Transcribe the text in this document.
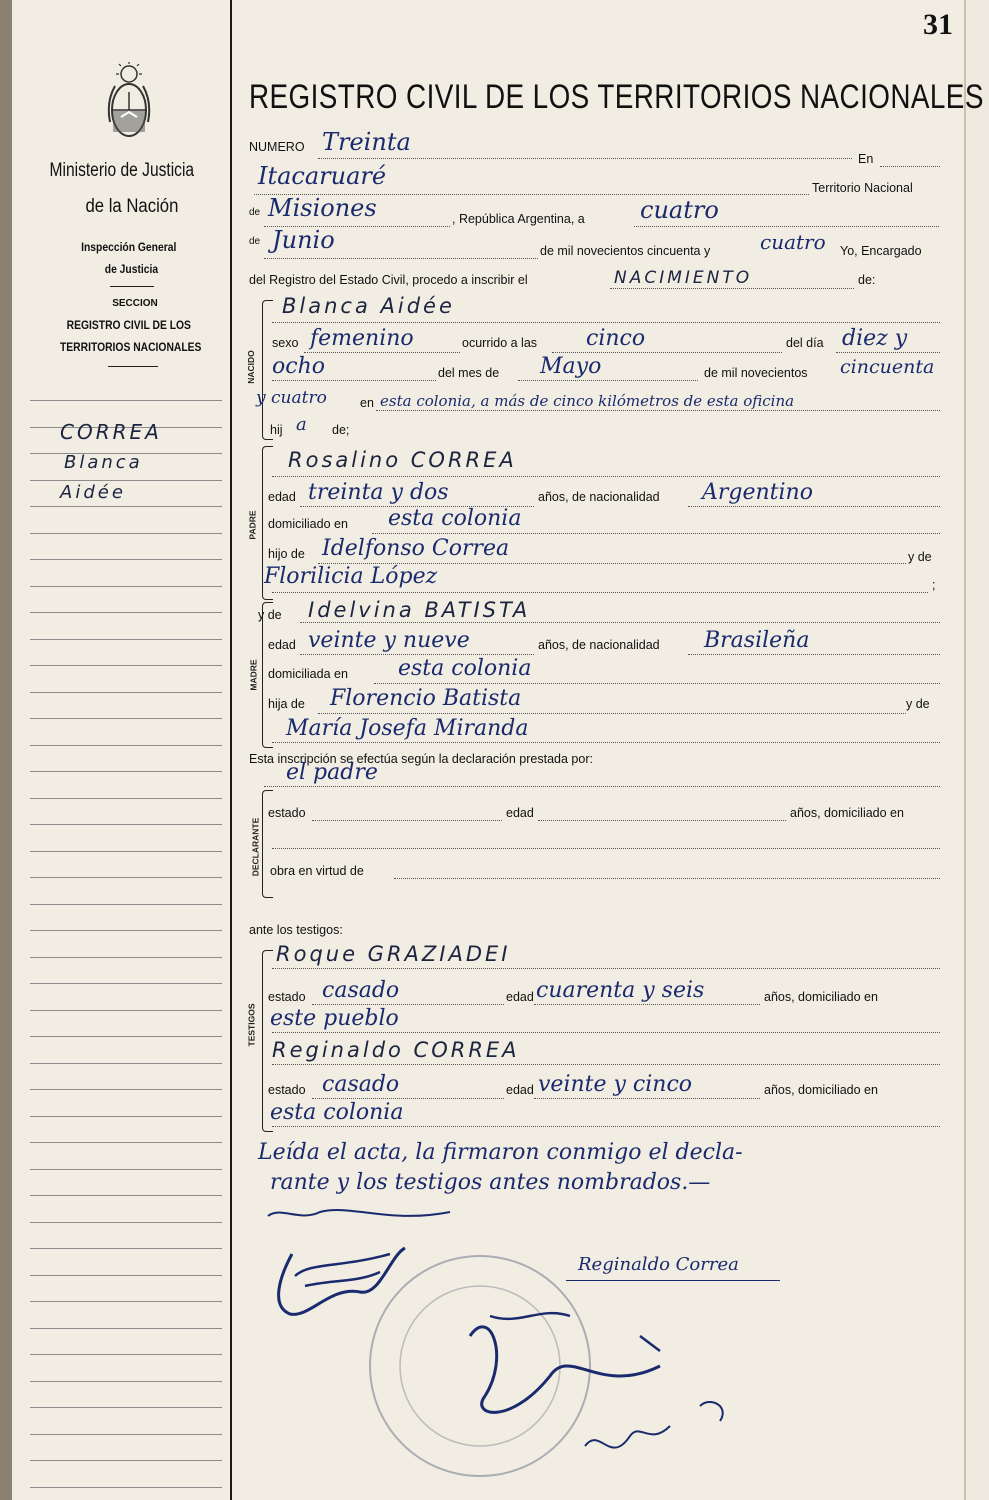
31
Ministerio de Justicia
de la Nación
Inspección General
de Justicia
SECCION
REGISTRO CIVIL DE LOS
TERRITORIOS NACIONALES
CORREA
Blanca
Aidée
REGISTRO CIVIL DE LOS TERRITORIOS NACIONALES
NUMERO Treinta
En
Itacaruaré	Territorio Nacional
de Misiones	, República Argentina, a cuatro
de Junio	de mil novecientos cincuenta y cuatro Yo, Encargado
del Registro del Estado Civil, procedo a inscribir el	NACIMIENTO	de:
NACIDO
Blanca Aidée
sexo femenino	ocurrido a las cinco	del día diez y
ocho	del mes de Mayo	de mil novecientos cincuenta
y cuatro	en esta colonia, a más de cinco kilómetros de esta oficina
hij a de;
PADRE
Rosalino CORREA
edad treinta y dos	años, de nacionalidad Argentino
domiciliado en esta colonia
hijo de Idelfonso Correa	y de
Florilicia López	;
y de
MADRE
Idelvina BATISTA
edad veinte y nueve	años, de nacionalidad Brasileña
domiciliada en esta colonia
hija de Florencio Batista	y de
María Josefa Miranda
Esta inscripción se efectúa según la declaración prestada por:
el padre
DECLARANTE
estado	edad	años, domiciliado en
obra en virtud de
ante los testigos:
TESTIGOS
Roque GRAZIADEI
estado casado	edad cuarenta y seis	años, domiciliado en
este pueblo
Reginaldo CORREA
estado casado	edad veinte y cinco	años, domiciliado en
esta colonia
Leída el acta, la firmaron conmigo el decla-
rante y los testigos antes nombrados.—
Reginaldo Correa
